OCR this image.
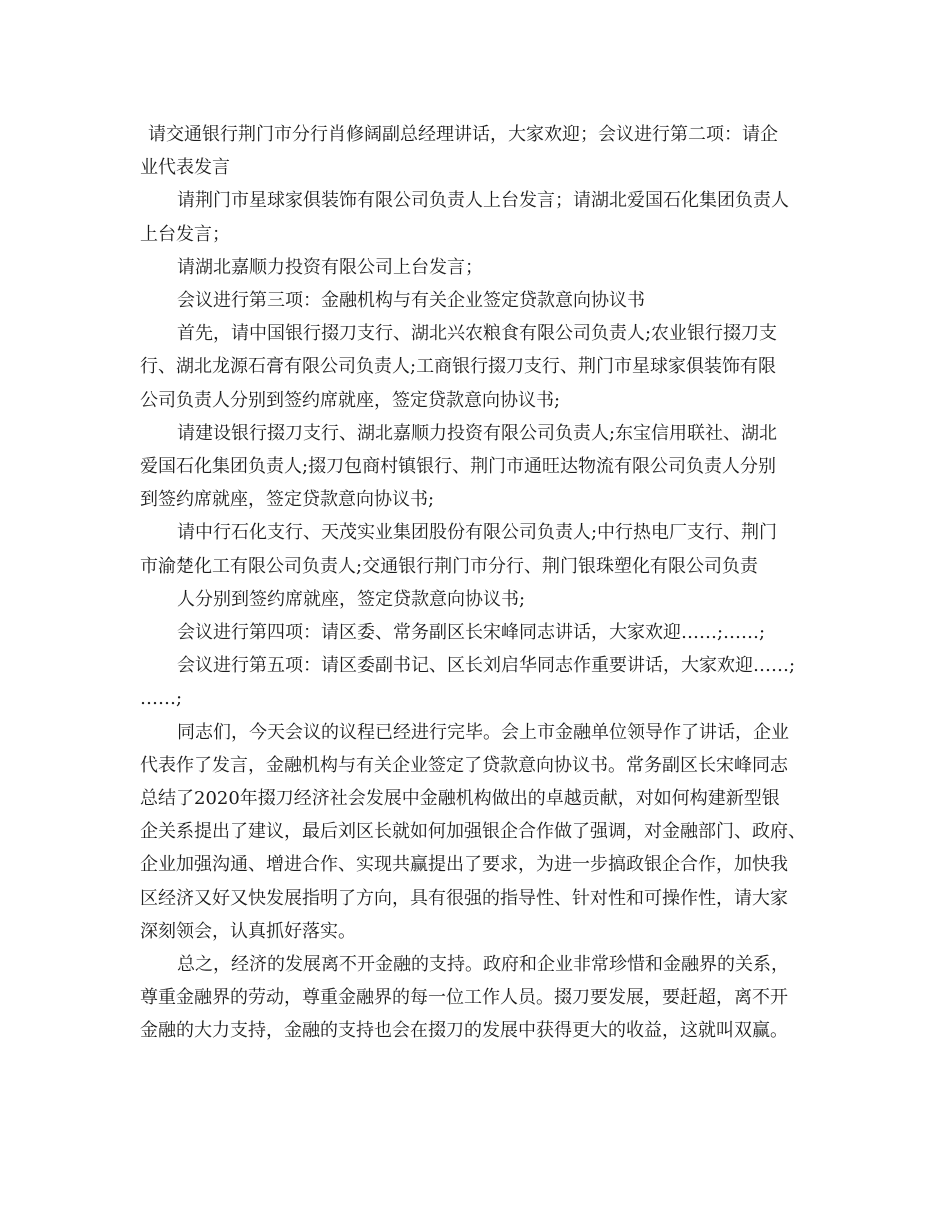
请交通银行荆门市分行肖修阔副总经理讲话，大家欢迎；会议进行第二项：请企
业代表发言

请荆门市星球家俱装饰有限公司负责人上台发言；请湖北爱国石化集团负责人
上台发言；

请湖北嘉顺力投资有限公司上台发言；

会议进行第三项：金融机构与有关企业签定贷款意向协议书

首先，请中国银行掇刀支行、湖北兴农粮食有限公司负责人;农业银行掇刀支
行、湖北龙源石膏有限公司负责人;工商银行掇刀支行、荆门市星球家俱装饰有限
公司负责人分别到签约席就座，签定贷款意向协议书;

请建设银行掇刀支行、湖北嘉顺力投资有限公司负责人;东宝信用联社、湖北
爱国石化集团负责人;掇刀包商村镇银行、荆门市通旺达物流有限公司负责人分别
到签约席就座，签定贷款意向协议书;

请中行石化支行、天茂实业集团股份有限公司负责人;中行热电厂支行、荆门
市渝楚化工有限公司负责人;交通银行荆门市分行、荆门银珠塑化有限公司负责
人分别到签约席就座，签定贷款意向协议书;

会议进行第四项：请区委、常务副区长宋峰同志讲话，大家欢迎……;……;

会议进行第五项：请区委副书记、区长刘启华同志作重要讲话，大家欢迎……;
……;

同志们，今天会议的议程已经进行完毕。会上市金融单位领导作了讲话，企业
代表作了发言，金融机构与有关企业签定了贷款意向协议书。常务副区长宋峰同志
总结了2020年掇刀经济社会发展中金融机构做出的卓越贡献，对如何构建新型银
企关系提出了建议，最后刘区长就如何加强银企合作做了强调，对金融部门、政府、
企业加强沟通、增进合作、实现共赢提出了要求，为进一步搞政银企合作，加快我
区经济又好又快发展指明了方向，具有很强的指导性、针对性和可操作性，请大家
深刻领会，认真抓好落实。

总之，经济的发展离不开金融的支持。政府和企业非常珍惜和金融界的关系，
尊重金融界的劳动，尊重金融界的每一位工作人员。掇刀要发展，要赶超，离不开
金融的大力支持，金融的支持也会在掇刀的发展中获得更大的收益，这就叫双赢。
